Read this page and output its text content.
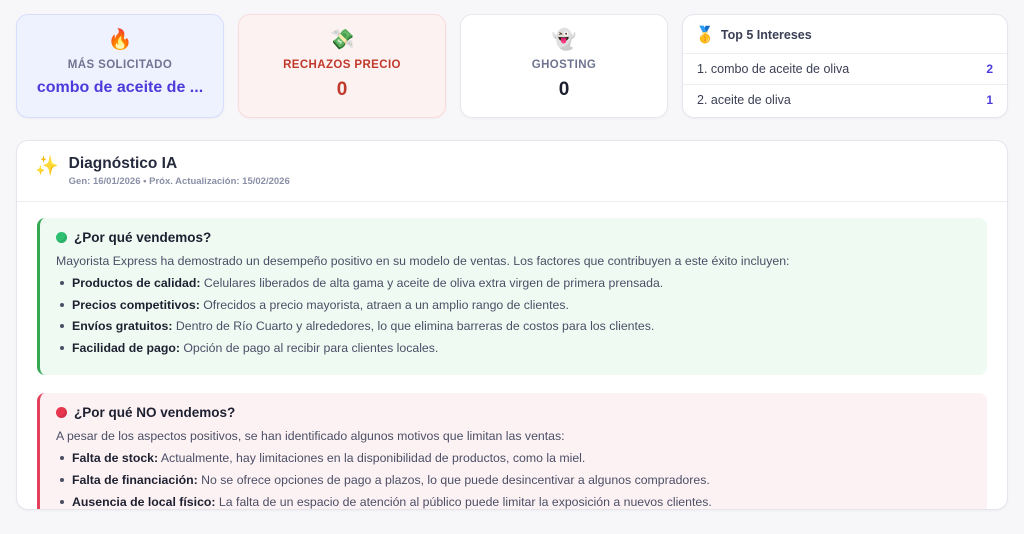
🔥
MÁS SOLICITADO
combo de aceite de ...
💸
RECHAZOS PRECIO
0
👻
GHOSTING
0
🥇 Top 5 Intereses
1. combo de aceite de oliva	2
2. aceite de oliva	1
✨ Diagnóstico IA
Gen: 16/01/2026 • Próx. Actualización: 15/02/2026
¿Por qué vendemos?
Mayorista Express ha demostrado un desempeño positivo en su modelo de ventas. Los factores que contribuyen a este éxito incluyen:
Productos de calidad: Celulares liberados de alta gama y aceite de oliva extra virgen de primera prensada.
Precios competitivos: Ofrecidos a precio mayorista, atraen a un amplio rango de clientes.
Envíos gratuitos: Dentro de Río Cuarto y alrededores, lo que elimina barreras de costos para los clientes.
Facilidad de pago: Opción de pago al recibir para clientes locales.
¿Por qué NO vendemos?
A pesar de los aspectos positivos, se han identificado algunos motivos que limitan las ventas:
Falta de stock: Actualmente, hay limitaciones en la disponibilidad de productos, como la miel.
Falta de financiación: No se ofrece opciones de pago a plazos, lo que puede desincentivar a algunos compradores.
Ausencia de local físico: La falta de un espacio de atención al público puede limitar la exposición a nuevos clientes.
